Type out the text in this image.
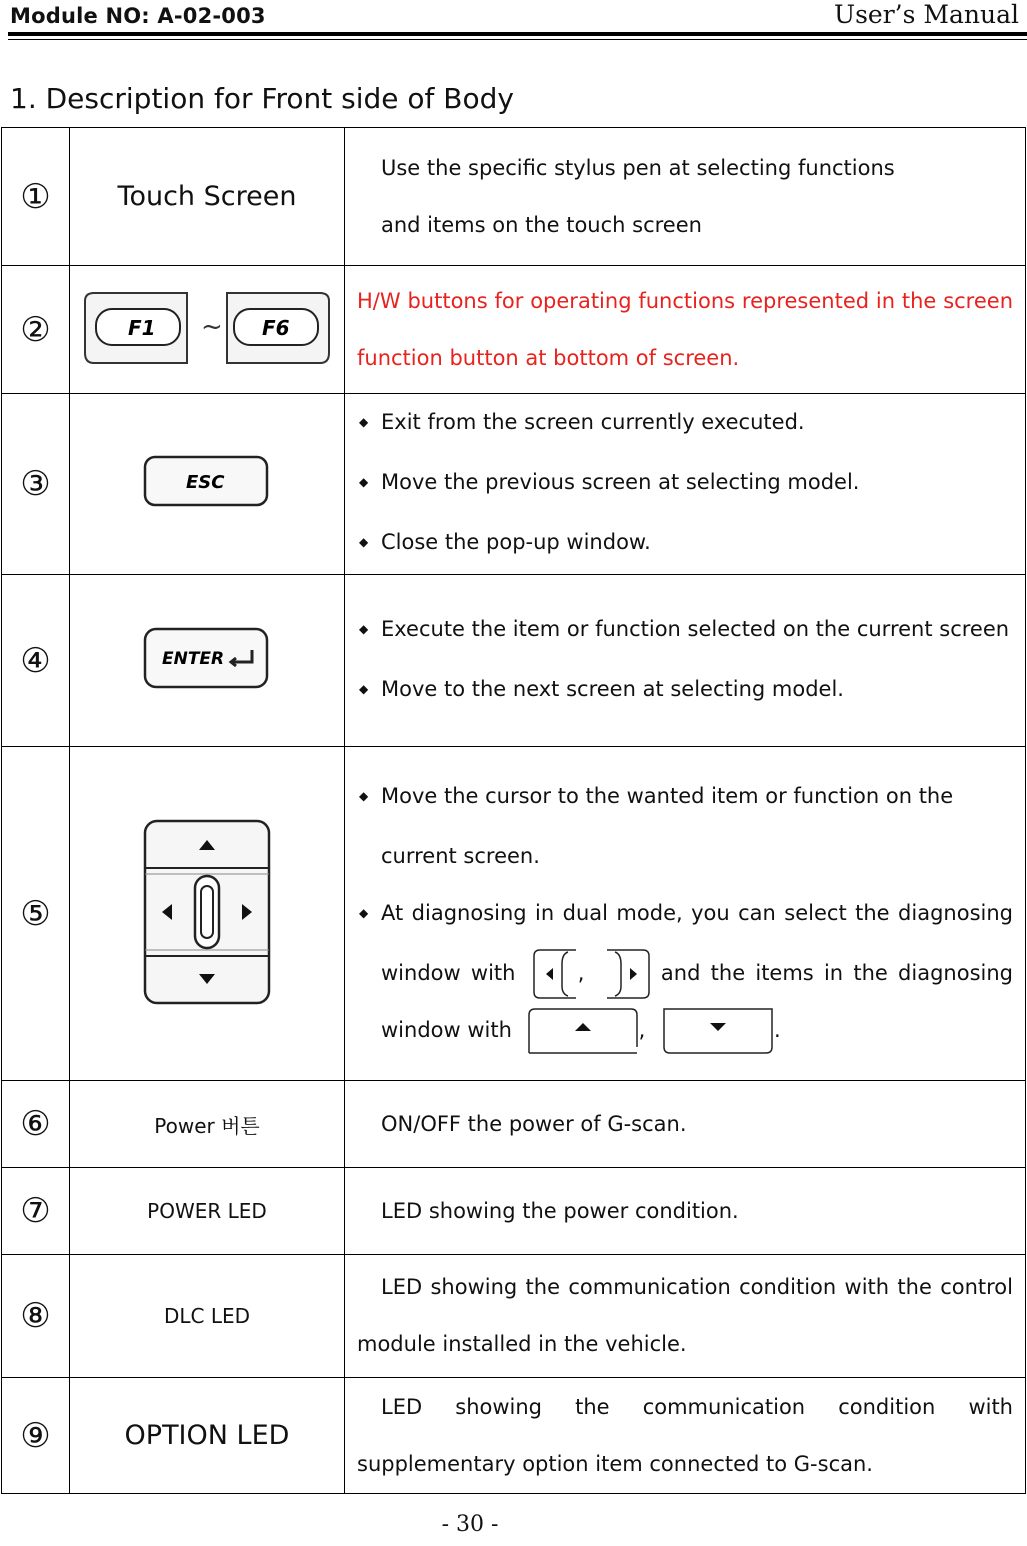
Module NO: A-02-003	User’s Manual
1. Description for Front side of Body
①	Touch Screen	Use the specific stylus pen at selecting functions
and items on the touch screen

②	F1 ~ F6	H/W buttons for operating functions represented in the screen function button at bottom of screen.
③	ESC

◆Exit from the screen currently executed.
◆Move the previous screen at selecting model.
◆Close the pop-up window.

④	ENTER

◆Execute the item or function selected on the current screen
◆Move to the next screen at selecting model.

⑤		
◆Move the cursor to the wanted item or function on the current screen.
◆At diagnosing in dual mode, you can select the diagnosing window with , and the items in the diagnosing window with , .

⑥	Power 버튼	ON/OFF the power of G-scan.
⑦	POWER LED	LED showing the power condition.
⑧	DLC LED	LED showing the communication condition with the control module installed in the vehicle.
⑨	OPTION LED	LED showing the communication condition with supplementary option item connected to G-scan.
- 30 -
